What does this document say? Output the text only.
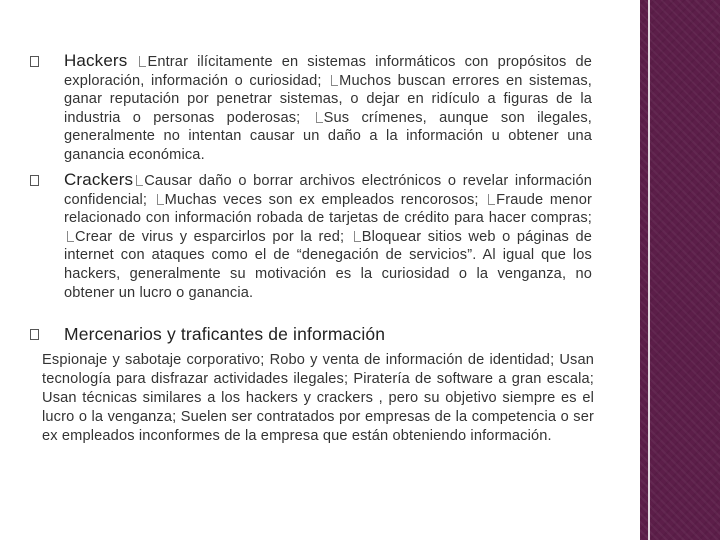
Hackers Entrar ilícitamente en sistemas informáticos con propósitos de exploración, información o curiosidad; Muchos buscan errores en sistemas, ganar reputación por penetrar sistemas, o dejar en ridículo a figuras de la industria o personas poderosas; Sus crímenes, aunque son ilegales, generalmente no intentan causar un daño a la información u obtener una ganancia económica.
Crackers Causar daño o borrar archivos electrónicos o revelar información confidencial; Muchas veces son ex empleados rencorosos; Fraude menor relacionado con información robada de tarjetas de crédito para hacer compras; Crear de virus y esparcirlos por la red; Bloquear sitios web o páginas de internet con ataques como el de “denegación de servicios”. Al igual que los hackers, generalmente su motivación es la curiosidad o la venganza, no obtener un lucro o ganancia.
Mercenarios y traficantes de información
Espionaje y sabotaje corporativo; Robo y venta de información de identidad; Usan tecnología para disfrazar actividades ilegales; Piratería de software a gran escala; Usan técnicas similares a los hackers y crackers , pero su objetivo siempre es el lucro o la venganza; Suelen ser contratados por empresas de la competencia o ser ex empleados inconformes de la empresa que están obteniendo información.
